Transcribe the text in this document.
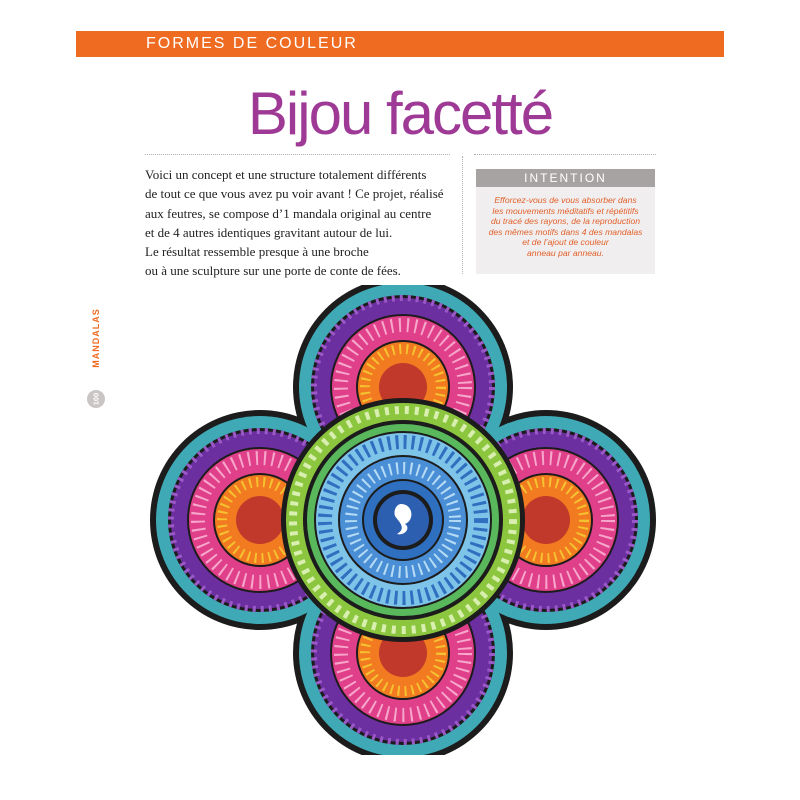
FORMES DE COULEUR
Bijou facetté

Voici un concept et une structure totalement différents
de tout ce que vous avez pu voir avant ! Ce projet, réalisé
aux feutres, se compose d’1 mandala original au centre
et de 4 autres identiques gravitant autour de lui.
Le résultat ressemble presque à une broche
ou à une sculpture sur une porte de conte de fées.

INTENTION
Efforcez-vous de vous absorber dans
les mouvements méditatifs et répétitifs
du tracé des rayons, de la reproduction
des mêmes motifs dans 4 des mandalas
et de l’ajout de couleur
anneau par anneau.
MANDALAS
100
